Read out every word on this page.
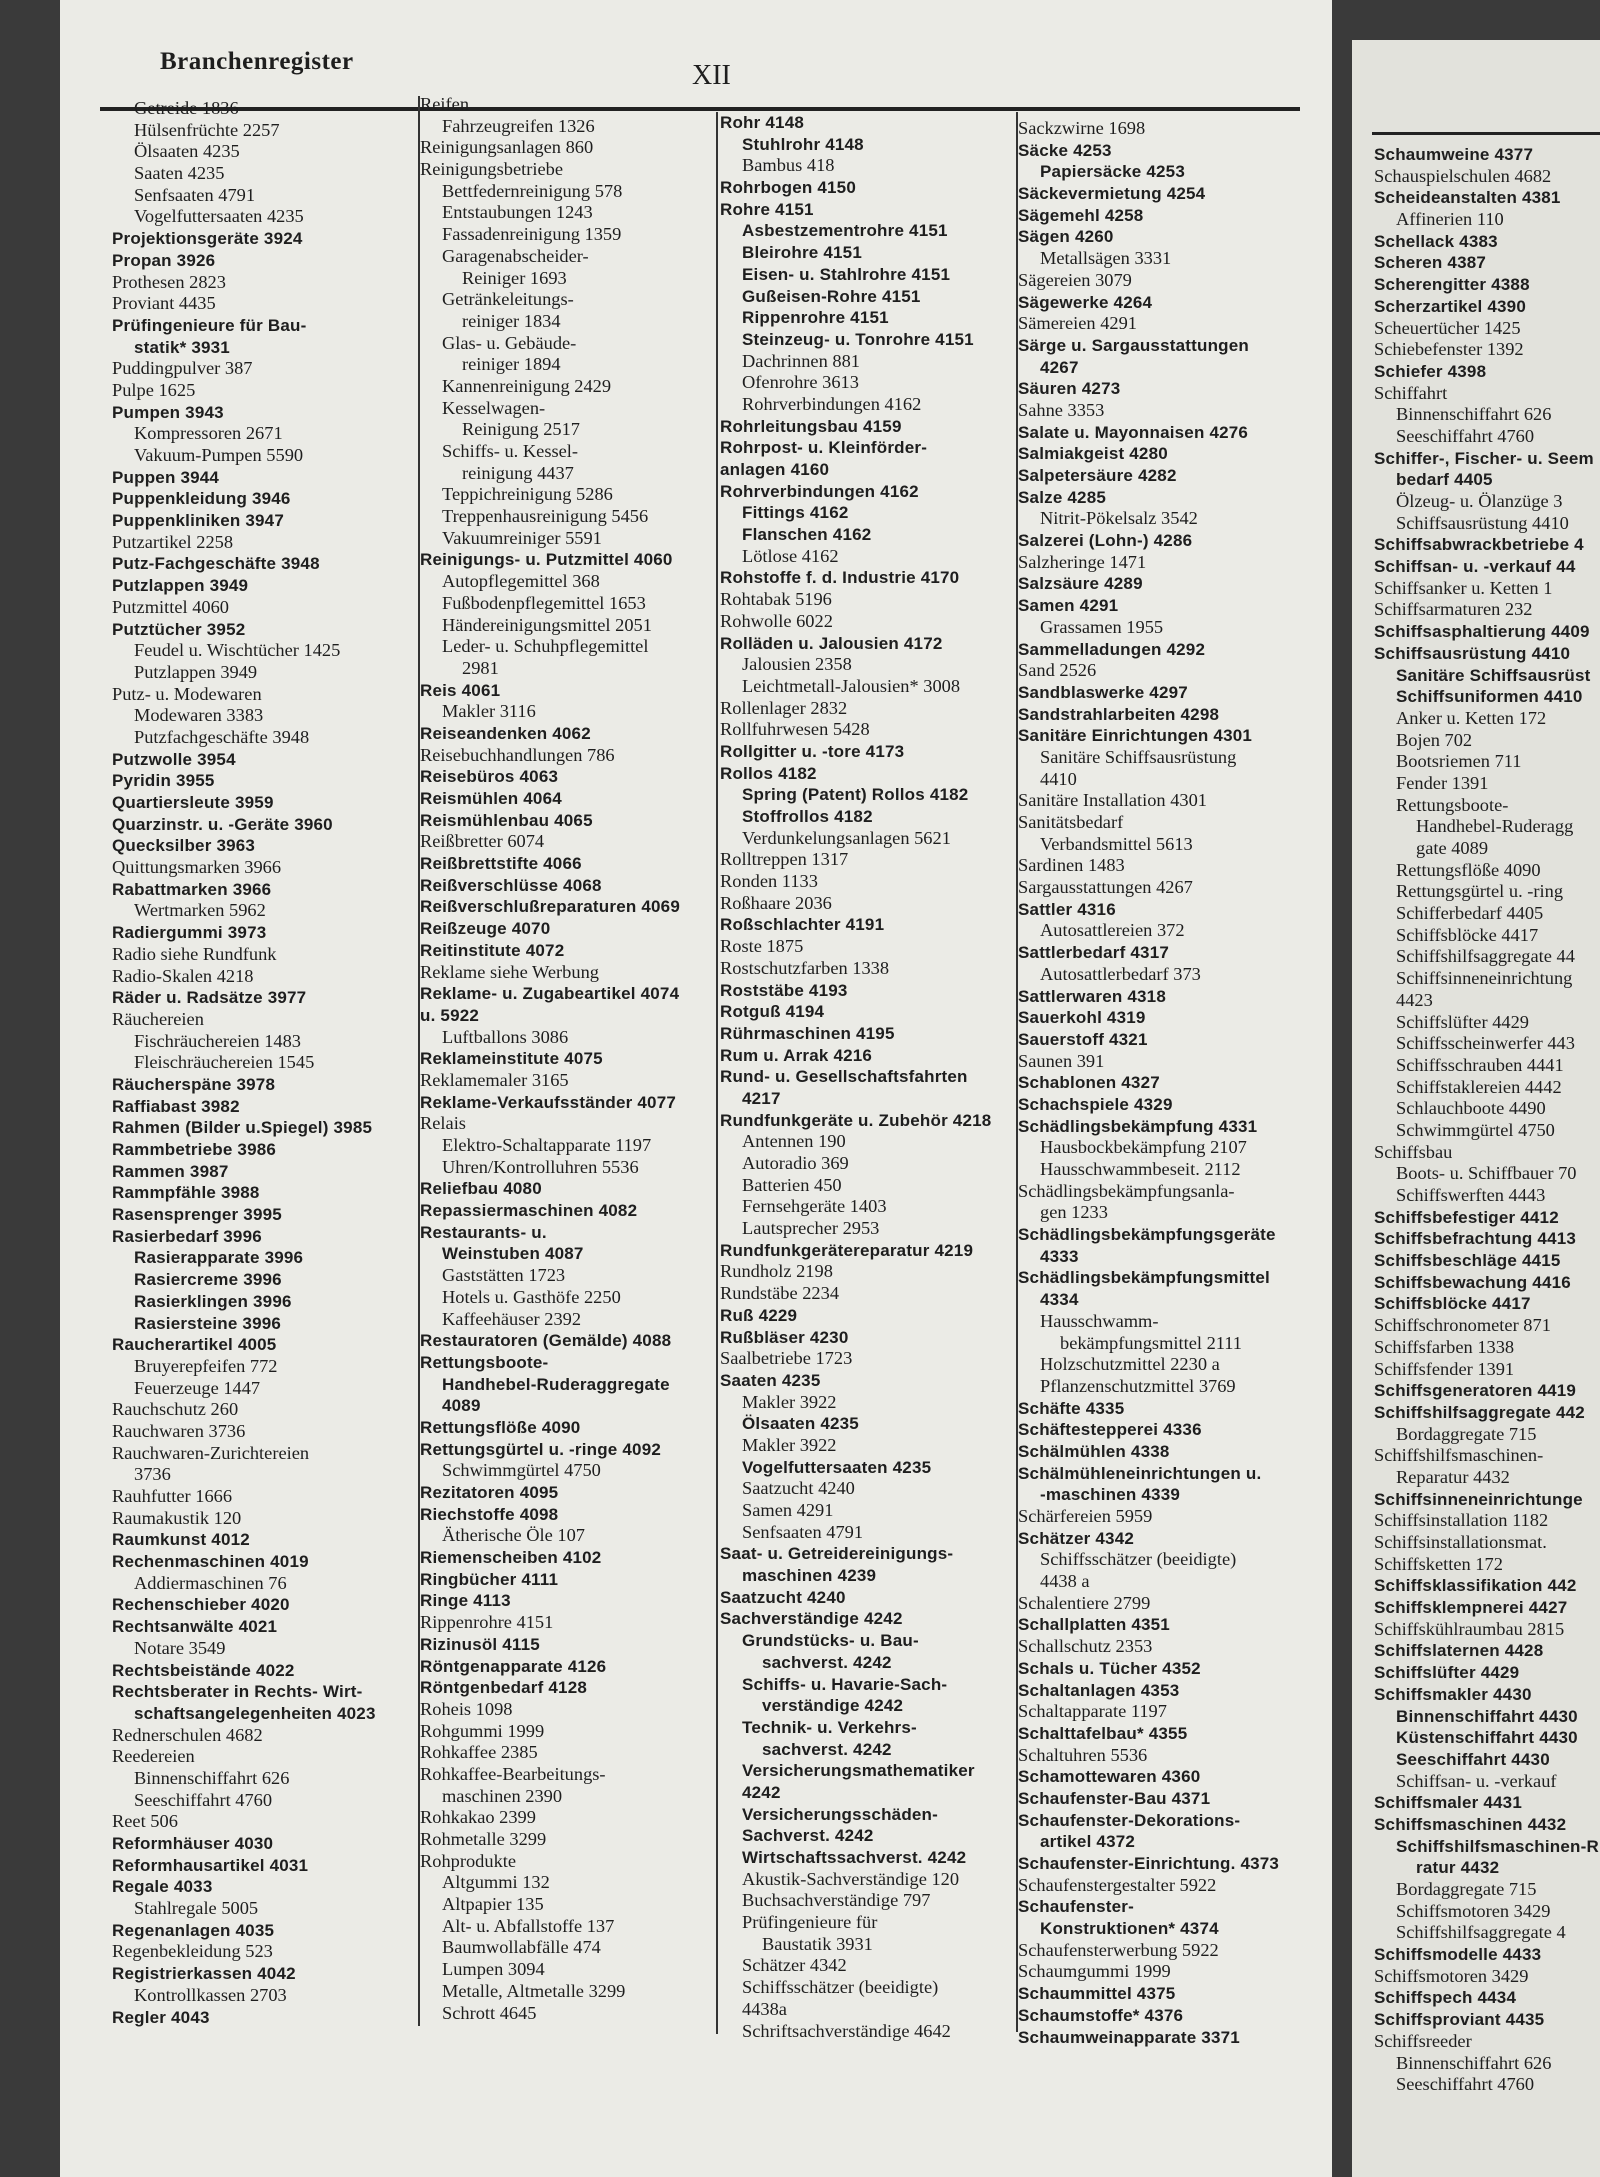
Branchenregister	XII
Getreide 1836
Hülsenfrüchte 2257
Ölsaaten 4235
Saaten 4235
Senfsaaten 4791
Vogelfuttersaaten 4235
Projektionsgeräte 3924
Propan 3926
Prothesen 2823
Proviant 4435
Prüfingenieure für Bau-
statik* 3931
Puddingpulver 387
Pulpe 1625
Pumpen 3943
Kompressoren 2671
Vakuum-Pumpen 5590
Puppen 3944
Puppenkleidung 3946
Puppenkliniken 3947
Putzartikel 2258
Putz-Fachgeschäfte 3948
Putzlappen 3949
Putzmittel 4060
Putztücher 3952
Feudel u. Wischtücher 1425
Putzlappen 3949
Putz- u. Modewaren
Modewaren 3383
Putzfachgeschäfte 3948
Putzwolle 3954
Pyridin 3955
Quartiersleute 3959
Quarzinstr. u. -Geräte 3960
Quecksilber 3963
Quittungsmarken 3966
Rabattmarken 3966
Wertmarken 5962
Radiergummi 3973
Radio siehe Rundfunk
Radio-Skalen 4218
Räder u. Radsätze 3977
Räuchereien
Fischräuchereien 1483
Fleischräuchereien 1545
Räucherspäne 3978
Raffiabast 3982
Rahmen (Bilder u.Spiegel) 3985
Rammbetriebe 3986
Rammen 3987
Rammpfähle 3988
Rasensprenger 3995
Rasierbedarf 3996
Rasierapparate 3996
Rasiercreme 3996
Rasierklingen 3996
Rasiersteine 3996
Raucherartikel 4005
Bruyerepfeifen 772
Feuerzeuge 1447
Rauchschutz 260
Rauchwaren 3736
Rauchwaren-Zurichtereien
3736
Rauhfutter 1666
Raumakustik 120
Raumkunst 4012
Rechenmaschinen 4019
Addiermaschinen 76
Rechenschieber 4020
Rechtsanwälte 4021
Notare 3549
Rechtsbeistände 4022
Rechtsberater in Rechts- Wirt-
schaftsangelegenheiten 4023
Rednerschulen 4682
Reedereien
Binnenschiffahrt 626
Seeschiffahrt 4760
Reet 506
Reformhäuser 4030
Reformhausartikel 4031
Regale 4033
Stahlregale 5005
Regenanlagen 4035
Regenbekleidung 523
Registrierkassen 4042
Kontrollkassen 2703
Regler 4043
Reifen
Fahrzeugreifen 1326
Reinigungsanlagen 860
Reinigungsbetriebe
Bettfedernreinigung 578
Entstaubungen 1243
Fassadenreinigung 1359
Garagenabscheider-
Reiniger 1693
Getränkeleitungs-
reiniger 1834
Glas- u. Gebäude-
reiniger 1894
Kannenreinigung 2429
Kesselwagen-
Reinigung 2517
Schiffs- u. Kessel-
reinigung 4437
Teppichreinigung 5286
Treppenhausreinigung 5456
Vakuumreiniger 5591
Reinigungs- u. Putzmittel 4060
Autopflegemittel 368
Fußbodenpflegemittel 1653
Händereinigungsmittel 2051
Leder- u. Schuhpflegemittel
2981
Reis 4061
Makler 3116
Reiseandenken 4062
Reisebuchhandlungen 786
Reisebüros 4063
Reismühlen 4064
Reismühlenbau 4065
Reißbretter 6074
Reißbrettstifte 4066
Reißverschlüsse 4068
Reißverschlußreparaturen 4069
Reißzeuge 4070
Reitinstitute 4072
Reklame siehe Werbung
Reklame- u. Zugabeartikel 4074
u. 5922
Luftballons 3086
Reklameinstitute 4075
Reklamemaler 3165
Reklame-Verkaufsständer 4077
Relais
Elektro-Schaltapparate 1197
Uhren/Kontrolluhren 5536
Reliefbau 4080
Repassiermaschinen 4082
Restaurants- u.
Weinstuben 4087
Gaststätten 1723
Hotels u. Gasthöfe 2250
Kaffeehäuser 2392
Restauratoren (Gemälde) 4088
Rettungsboote-
Handhebel-Ruderaggregate
4089
Rettungsflöße 4090
Rettungsgürtel u. -ringe 4092
Schwimmgürtel 4750
Rezitatoren 4095
Riechstoffe 4098
Ätherische Öle 107
Riemenscheiben 4102
Ringbücher 4111
Ringe 4113
Rippenrohre 4151
Rizinusöl 4115
Röntgenapparate 4126
Röntgenbedarf 4128
Roheis 1098
Rohgummi 1999
Rohkaffee 2385
Rohkaffee-Bearbeitungs-
maschinen 2390
Rohkakao 2399
Rohmetalle 3299
Rohprodukte
Altgummi 132
Altpapier 135
Alt- u. Abfallstoffe 137
Baumwollabfälle 474
Lumpen 3094
Metalle, Altmetalle 3299
Schrott 4645
Rohr 4148
Stuhlrohr 4148
Bambus 418
Rohrbogen 4150
Rohre 4151
Asbestzementrohre 4151
Bleirohre 4151
Eisen- u. Stahlrohre 4151
Gußeisen-Rohre 4151
Rippenrohre 4151
Steinzeug- u. Tonrohre 4151
Dachrinnen 881
Ofenrohre 3613
Rohrverbindungen 4162
Rohrleitungsbau 4159
Rohrpost- u. Kleinförder-
anlagen 4160
Rohrverbindungen 4162
Fittings 4162
Flanschen 4162
Lötlose 4162
Rohstoffe f. d. Industrie 4170
Rohtabak 5196
Rohwolle 6022
Rolläden u. Jalousien 4172
Jalousien 2358
Leichtmetall-Jalousien* 3008
Rollenlager 2832
Rollfuhrwesen 5428
Rollgitter u. -tore 4173
Rollos 4182
Spring (Patent) Rollos 4182
Stoffrollos 4182
Verdunkelungsanlagen 5621
Rolltreppen 1317
Ronden 1133
Roßhaare 2036
Roßschlachter 4191
Roste 1875
Rostschutzfarben 1338
Roststäbe 4193
Rotguß 4194
Rührmaschinen 4195
Rum u. Arrak 4216
Rund- u. Gesellschaftsfahrten
4217
Rundfunkgeräte u. Zubehör 4218
Antennen 190
Autoradio 369
Batterien 450
Fernsehgeräte 1403
Lautsprecher 2953
Rundfunkgerätereparatur 4219
Rundholz 2198
Rundstäbe 2234
Ruß 4229
Rußbläser 4230
Saalbetriebe 1723
Saaten 4235
Makler 3922
Ölsaaten 4235
Makler 3922
Vogelfuttersaaten 4235
Saatzucht 4240
Samen 4291
Senfsaaten 4791
Saat- u. Getreidereinigungs-
maschinen 4239
Saatzucht 4240
Sachverständige 4242
Grundstücks- u. Bau-
sachverst. 4242
Schiffs- u. Havarie-Sach-
verständige 4242
Technik- u. Verkehrs-
sachverst. 4242
Versicherungsmathematiker
4242
Versicherungsschäden-
Sachverst. 4242
Wirtschaftssachverst. 4242
Akustik-Sachverständige 120
Buchsachverständige 797
Prüfingenieure für
Baustatik 3931
Schätzer 4342
Schiffsschätzer (beeidigte)
4438a
Schriftsachverständige 4642
Sackzwirne 1698
Säcke 4253
Papiersäcke 4253
Säckevermietung 4254
Sägemehl 4258
Sägen 4260
Metallsägen 3331
Sägereien 3079
Sägewerke 4264
Sämereien 4291
Särge u. Sargausstattungen
4267
Säuren 4273
Sahne 3353
Salate u. Mayonnaisen 4276
Salmiakgeist 4280
Salpetersäure 4282
Salze 4285
Nitrit-Pökelsalz 3542
Salzerei (Lohn-) 4286
Salzheringe 1471
Salzsäure 4289
Samen 4291
Grassamen 1955
Sammelladungen 4292
Sand 2526
Sandblaswerke 4297
Sandstrahlarbeiten 4298
Sanitäre Einrichtungen 4301
Sanitäre Schiffsausrüstung
4410
Sanitäre Installation 4301
Sanitätsbedarf
Verbandsmittel 5613
Sardinen 1483
Sargausstattungen 4267
Sattler 4316
Autosattlereien 372
Sattlerbedarf 4317
Autosattlerbedarf 373
Sattlerwaren 4318
Sauerkohl 4319
Sauerstoff 4321
Saunen 391
Schablonen 4327
Schachspiele 4329
Schädlingsbekämpfung 4331
Hausbockbekämpfung 2107
Hausschwammbeseit. 2112
Schädlingsbekämpfungsanla-
gen 1233
Schädlingsbekämpfungsgeräte
4333
Schädlingsbekämpfungsmittel
4334
Hausschwamm-
bekämpfungsmittel 2111
Holzschutzmittel 2230 a
Pflanzenschutzmittel 3769
Schäfte 4335
Schäftestepperei 4336
Schälmühlen 4338
Schälmühleneinrichtungen u.
-maschinen 4339
Schärfereien 5959
Schätzer 4342
Schiffsschätzer (beeidigte)
4438 a
Schalentiere 2799
Schallplatten 4351
Schallschutz 2353
Schals u. Tücher 4352
Schaltanlagen 4353
Schaltapparate 1197
Schalttafelbau* 4355
Schaltuhren 5536
Schamottewaren 4360
Schaufenster-Bau 4371
Schaufenster-Dekorations-
artikel 4372
Schaufenster-Einrichtung. 4373
Schaufenstergestalter 5922
Schaufenster-
Konstruktionen* 4374
Schaufensterwerbung 5922
Schaumgummi 1999
Schaummittel 4375
Schaumstoffe* 4376
Schaumweinapparate 3371
Schaumweine 4377
Schauspielschulen 4682
Scheideanstalten 4381
Affinerien 110
Schellack 4383
Scheren 4387
Scherengitter 4388
Scherzartikel 4390
Scheuertücher 1425
Schiebefenster 1392
Schiefer 4398
Schiffahrt
Binnenschiffahrt 626
Seeschiffahrt 4760
Schiffer-, Fischer- u. Seem
bedarf 4405
Ölzeug- u. Ölanzüge 3
Schiffsausrüstung 4410
Schiffsabwrackbetriebe 4
Schiffsan- u. -verkauf 44
Schiffsanker u. Ketten 1
Schiffsarmaturen 232
Schiffsasphaltierung 4409
Schiffsausrüstung 4410
Sanitäre Schiffsausrüst
Schiffsuniformen 4410
Anker u. Ketten 172
Bojen 702
Bootsriemen 711
Fender 1391
Rettungsboote-
Handhebel-Ruderagg
gate 4089
Rettungsflöße 4090
Rettungsgürtel u. -ring
Schifferbedarf 4405
Schiffsblöcke 4417
Schiffshilfsaggregate 44
Schiffsinneneinrichtung
4423
Schiffslüfter 4429
Schiffsscheinwerfer 443
Schiffsschrauben 4441
Schiffstaklereien 4442
Schlauchboote 4490
Schwimmgürtel 4750
Schiffsbau
Boots- u. Schiffbauer 70
Schiffswerften 4443
Schiffsbefestiger 4412
Schiffsbefrachtung 4413
Schiffsbeschläge 4415
Schiffsbewachung 4416
Schiffsblöcke 4417
Schiffschronometer 871
Schiffsfarben 1338
Schiffsfender 1391
Schiffsgeneratoren 4419
Schiffshilfsaggregate 442
Bordaggregate 715
Schiffshilfsmaschinen-
Reparatur 4432
Schiffsinneneinrichtunge
Schiffsinstallation 1182
Schiffsinstallationsmat.
Schiffsketten 172
Schiffsklassifikation 442
Schiffsklempnerei 4427
Schiffskühlraumbau 2815
Schiffslaternen 4428
Schiffslüfter 4429
Schiffsmakler 4430
Binnenschiffahrt 4430
Küstenschiffahrt 4430
Seeschiffahrt 4430
Schiffsan- u. -verkauf
Schiffsmaler 4431
Schiffsmaschinen 4432
Schiffshilfsmaschinen-R
ratur 4432
Bordaggregate 715
Schiffsmotoren 3429
Schiffshilfsaggregate 4
Schiffsmodelle 4433
Schiffsmotoren 3429
Schiffspech 4434
Schiffsproviant 4435
Schiffsreeder
Binnenschiffahrt 626
Seeschiffahrt 4760
